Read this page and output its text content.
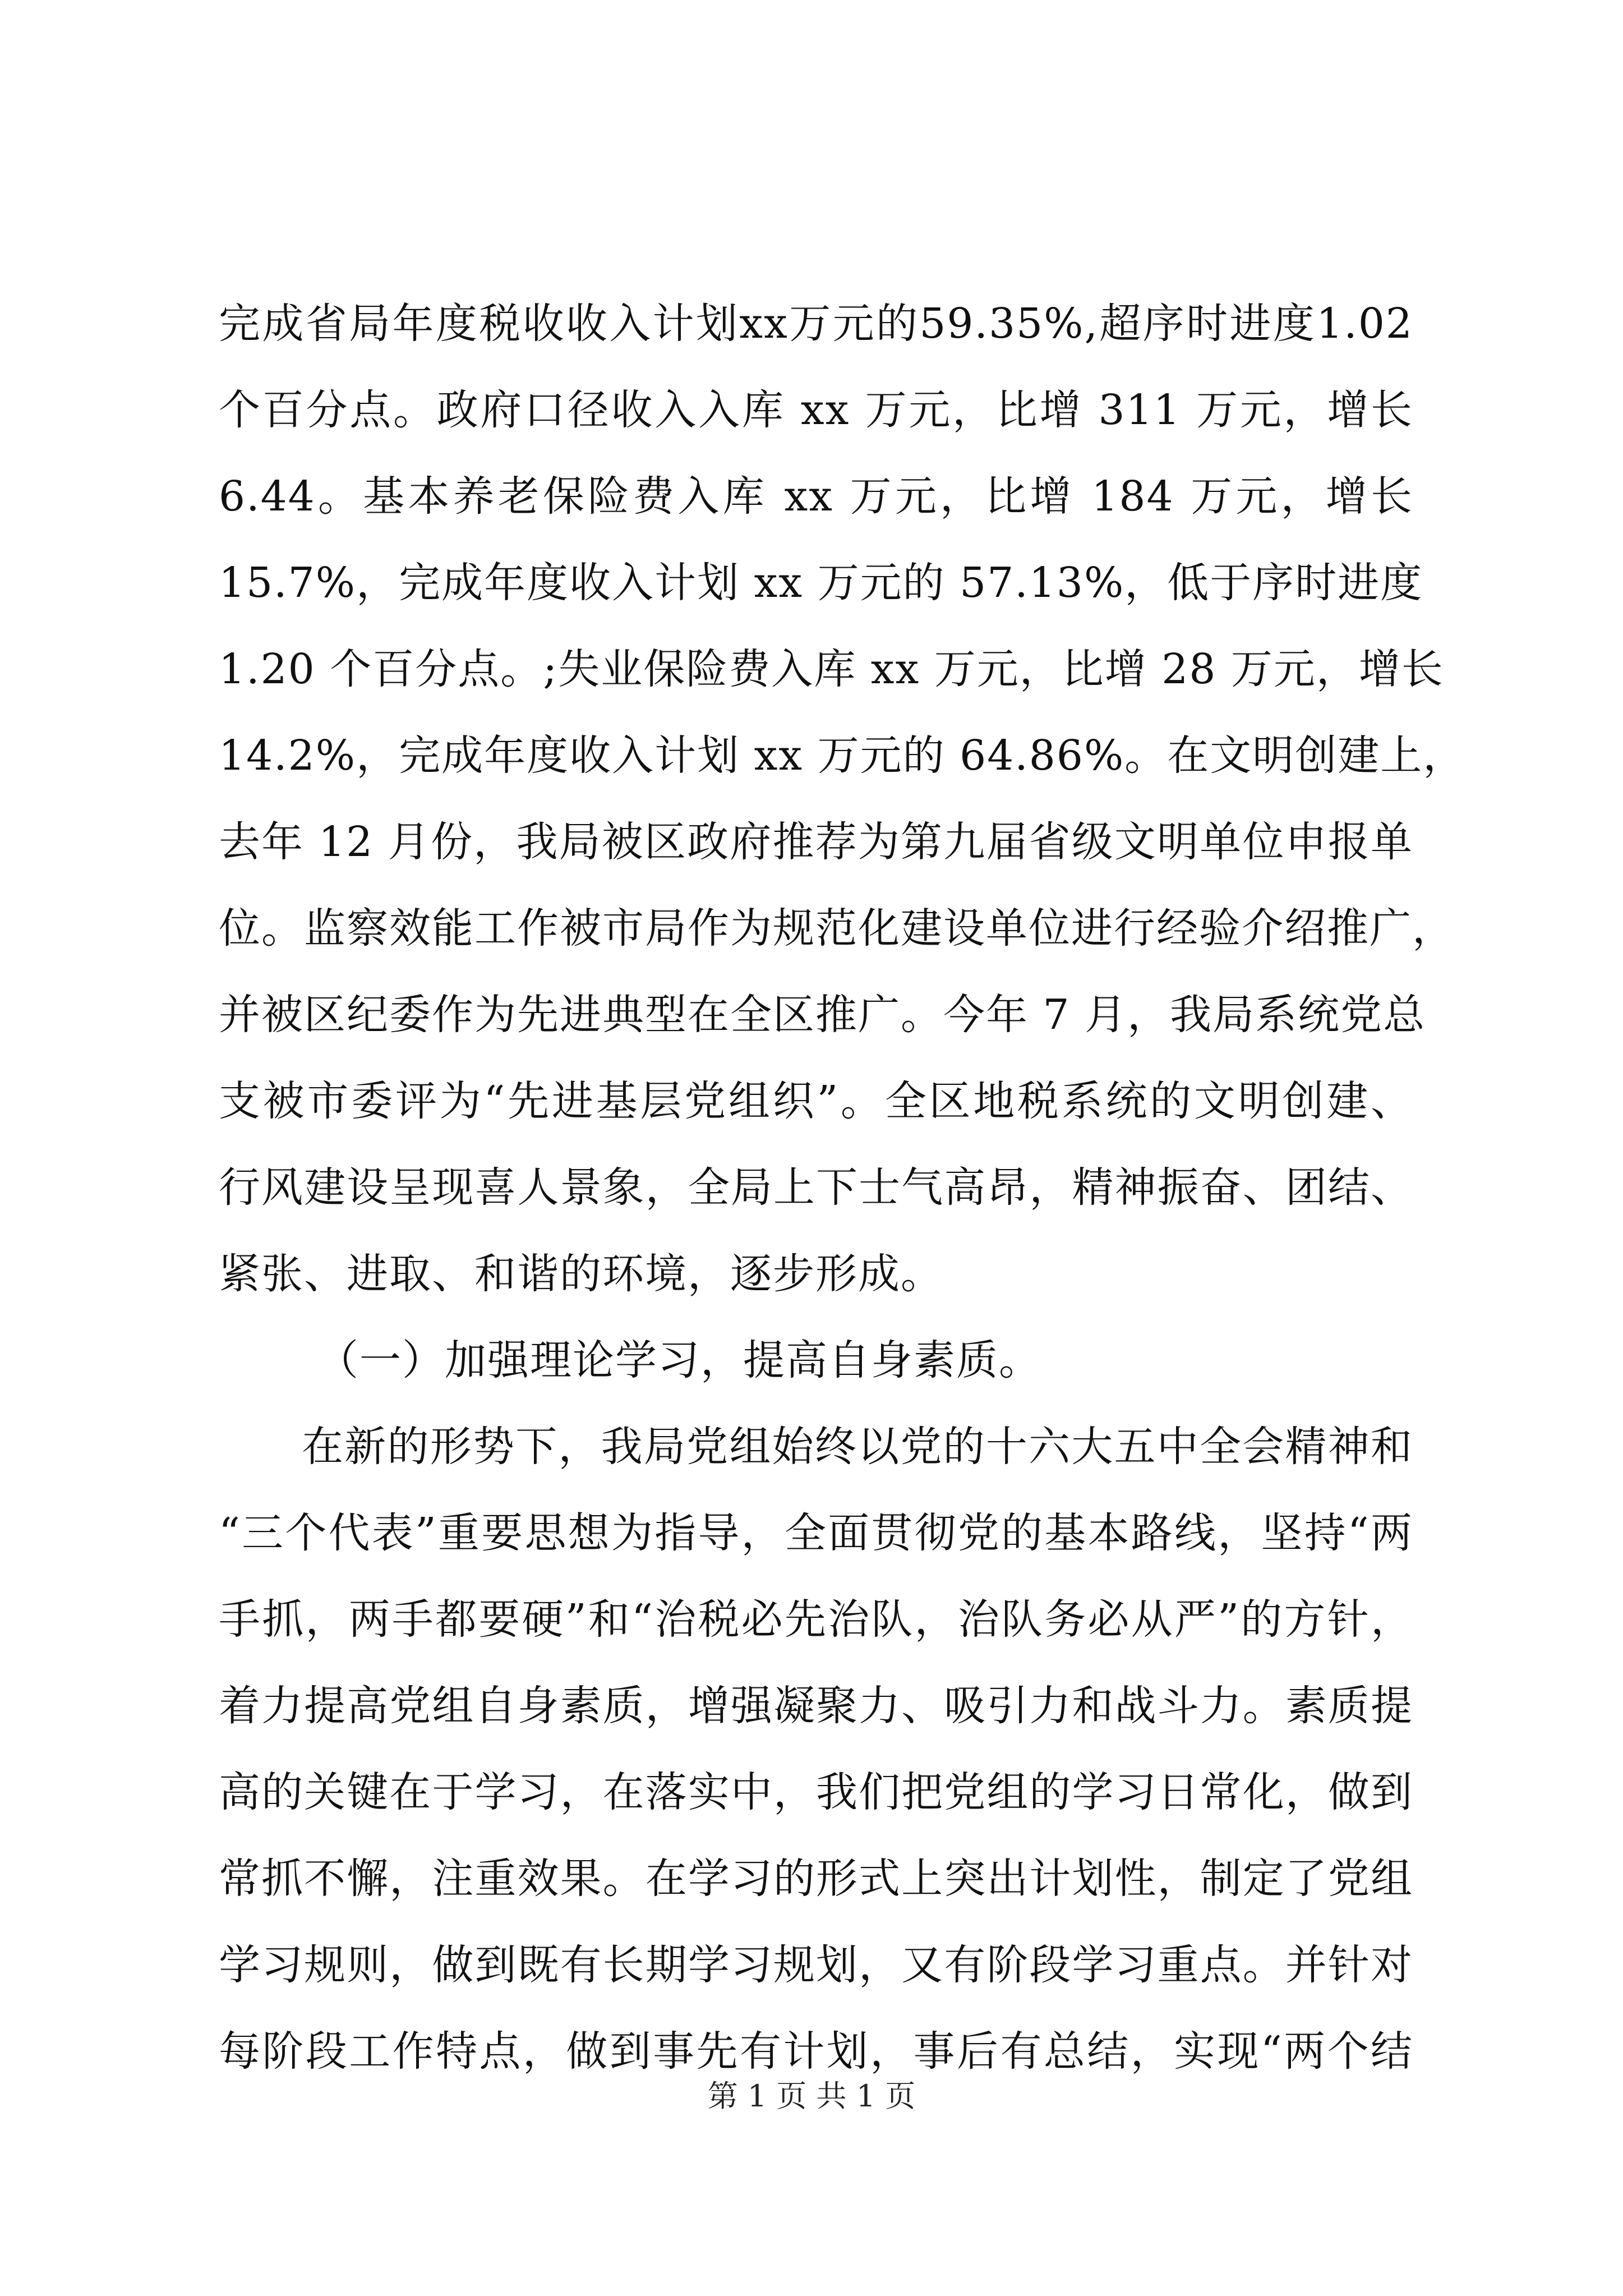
完成省局年度税收收入计划xx万元的59.35%,超序时进度1.02
个百分点。政府口径收入入库 xx 万元，比增 311 万元，增长
6.44。基本养老保险费入库 xx 万元，比增 184 万元，增长
15.7%，完成年度收入计划 xx 万元的 57.13%，低于序时进度
1.20 个百分点。;失业保险费入库 xx 万元，比增 28 万元，增长
14.2%，完成年度收入计划 xx 万元的 64.86%。在文明创建上，
去年 12 月份，我局被区政府推荐为第九届省级文明单位申报单
位。监察效能工作被市局作为规范化建设单位进行经验介绍推广，
并被区纪委作为先进典型在全区推广。今年 7 月，我局系统党总
支被市委评为“先进基层党组织”。全区地税系统的文明创建、
行风建设呈现喜人景象，全局上下士气高昂，精神振奋、团结、
紧张、进取、和谐的环境，逐步形成。
（一）加强理论学习，提高自身素质。
在新的形势下，我局党组始终以党的十六大五中全会精神和
“三个代表”重要思想为指导，全面贯彻党的基本路线，坚持“两
手抓，两手都要硬”和“治税必先治队，治队务必从严”的方针，
着力提高党组自身素质，增强凝聚力、吸引力和战斗力。素质提
高的关键在于学习，在落实中，我们把党组的学习日常化，做到
常抓不懈，注重效果。在学习的形式上突出计划性，制定了党组
学习规则，做到既有长期学习规划，又有阶段学习重点。并针对
每阶段工作特点，做到事先有计划，事后有总结，实现“两个结
第 1 页 共 1 页
